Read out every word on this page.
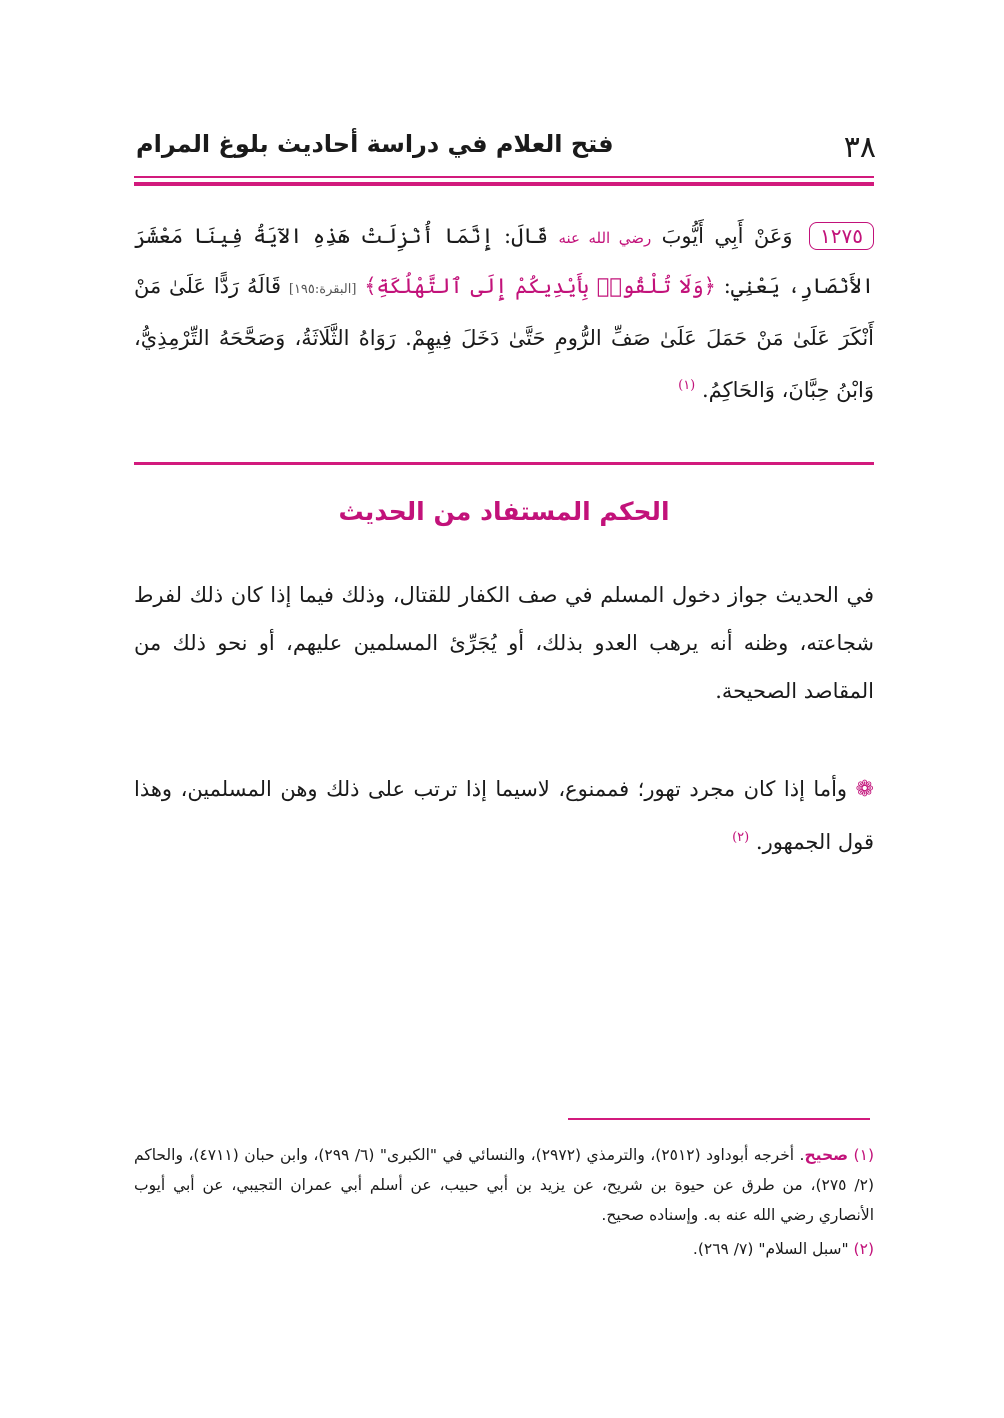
٣٨
فتح العلام في دراسة أحاديث بلوغ المرام
١٢٧٥ وَعَنْ أَبِي أَيُّوبَ رضي الله عنه قَالَ: إِنَّمَا أُنْزِلَتْ هَذِهِ الآيَةُ فِينَا مَعْشَرَ الأَنْصَارِ، يَعْنِي: ﴿وَلَا تُلْقُوا۟ بِأَيْدِيكُمْ إِلَى ٱلتَّهْلُكَةِ﴾ [البقرة:١٩٥] قَالَهُ رَدًّا عَلَىٰ مَنْ أَنْكَرَ عَلَىٰ مَنْ حَمَلَ عَلَىٰ صَفِّ الرُّومِ حَتَّىٰ دَخَلَ فِيهِمْ. رَوَاهُ الثَّلَاثَةُ، وَصَحَّحَهُ التِّرْمِذِيُّ، وَابْنُ حِبَّانَ، وَالحَاكِمُ. $^{(١)}$
الحكم المستفاد من الحديث
في الحديث جواز دخول المسلم في صف الكفار للقتال، وذلك فيما إذا كان ذلك لفرط شجاعته، وظنه أنه يرهب العدو بذلك، أو يُجَرِّئ المسلمين عليهم، أو نحو ذلك من المقاصد الصحيحة.
❁ وأما إذا كان مجرد تهور؛ فممنوع، لاسيما إذا ترتب على ذلك وهن المسلمين، وهذا قول الجمهور. $^{(٢)}$

(١) صحيح. أخرجه أبوداود (٢٥١٢)، والترمذي (٢٩٧٢)، والنسائي في "الكبرى" (٦/ ٢٩٩)، وابن حبان (٤٧١١)، والحاكم (٢/ ٢٧٥)، من طرق عن حيوة بن شريح، عن يزيد بن أبي حبيب، عن أسلم أبي عمران التجيبي، عن أبي أيوب الأنصاري رضي الله عنه به. وإسناده صحيح.

(٢) "سبل السلام" (٧/ ٢٦٩).
